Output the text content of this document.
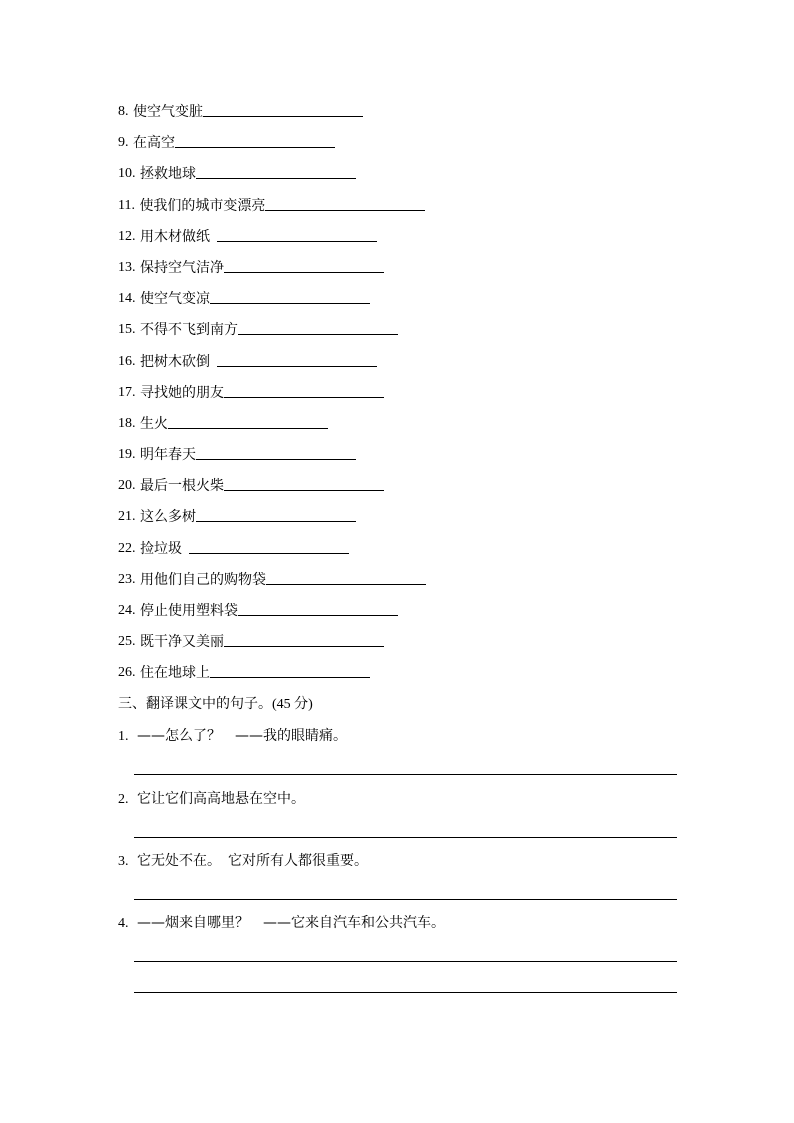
8.
使空气变脏
9.
在高空
10.
拯救地球
11.
使我们的城市变漂亮
12.
用木材做纸
13.
保持空气洁净
14.
使空气变凉
15.
不得不飞到南方
16.
把树木砍倒
17.
寻找她的朋友
18.
生火
19.
明年春天
20.
最后一根火柴
21.
这么多树
22.
捡垃圾
23.
用他们自己的购物袋
24.
停止使用塑料袋
25.
既干净又美丽
26.
住在地球上
三、翻译课文中的句子。(45 分)
1. ——怎么了？　——我的眼睛痛。
2. 它让它们高高地悬在空中。
3. 它无处不在。　它对所有人都很重要。
4. ——烟来自哪里？　——它来自汽车和公共汽车。
